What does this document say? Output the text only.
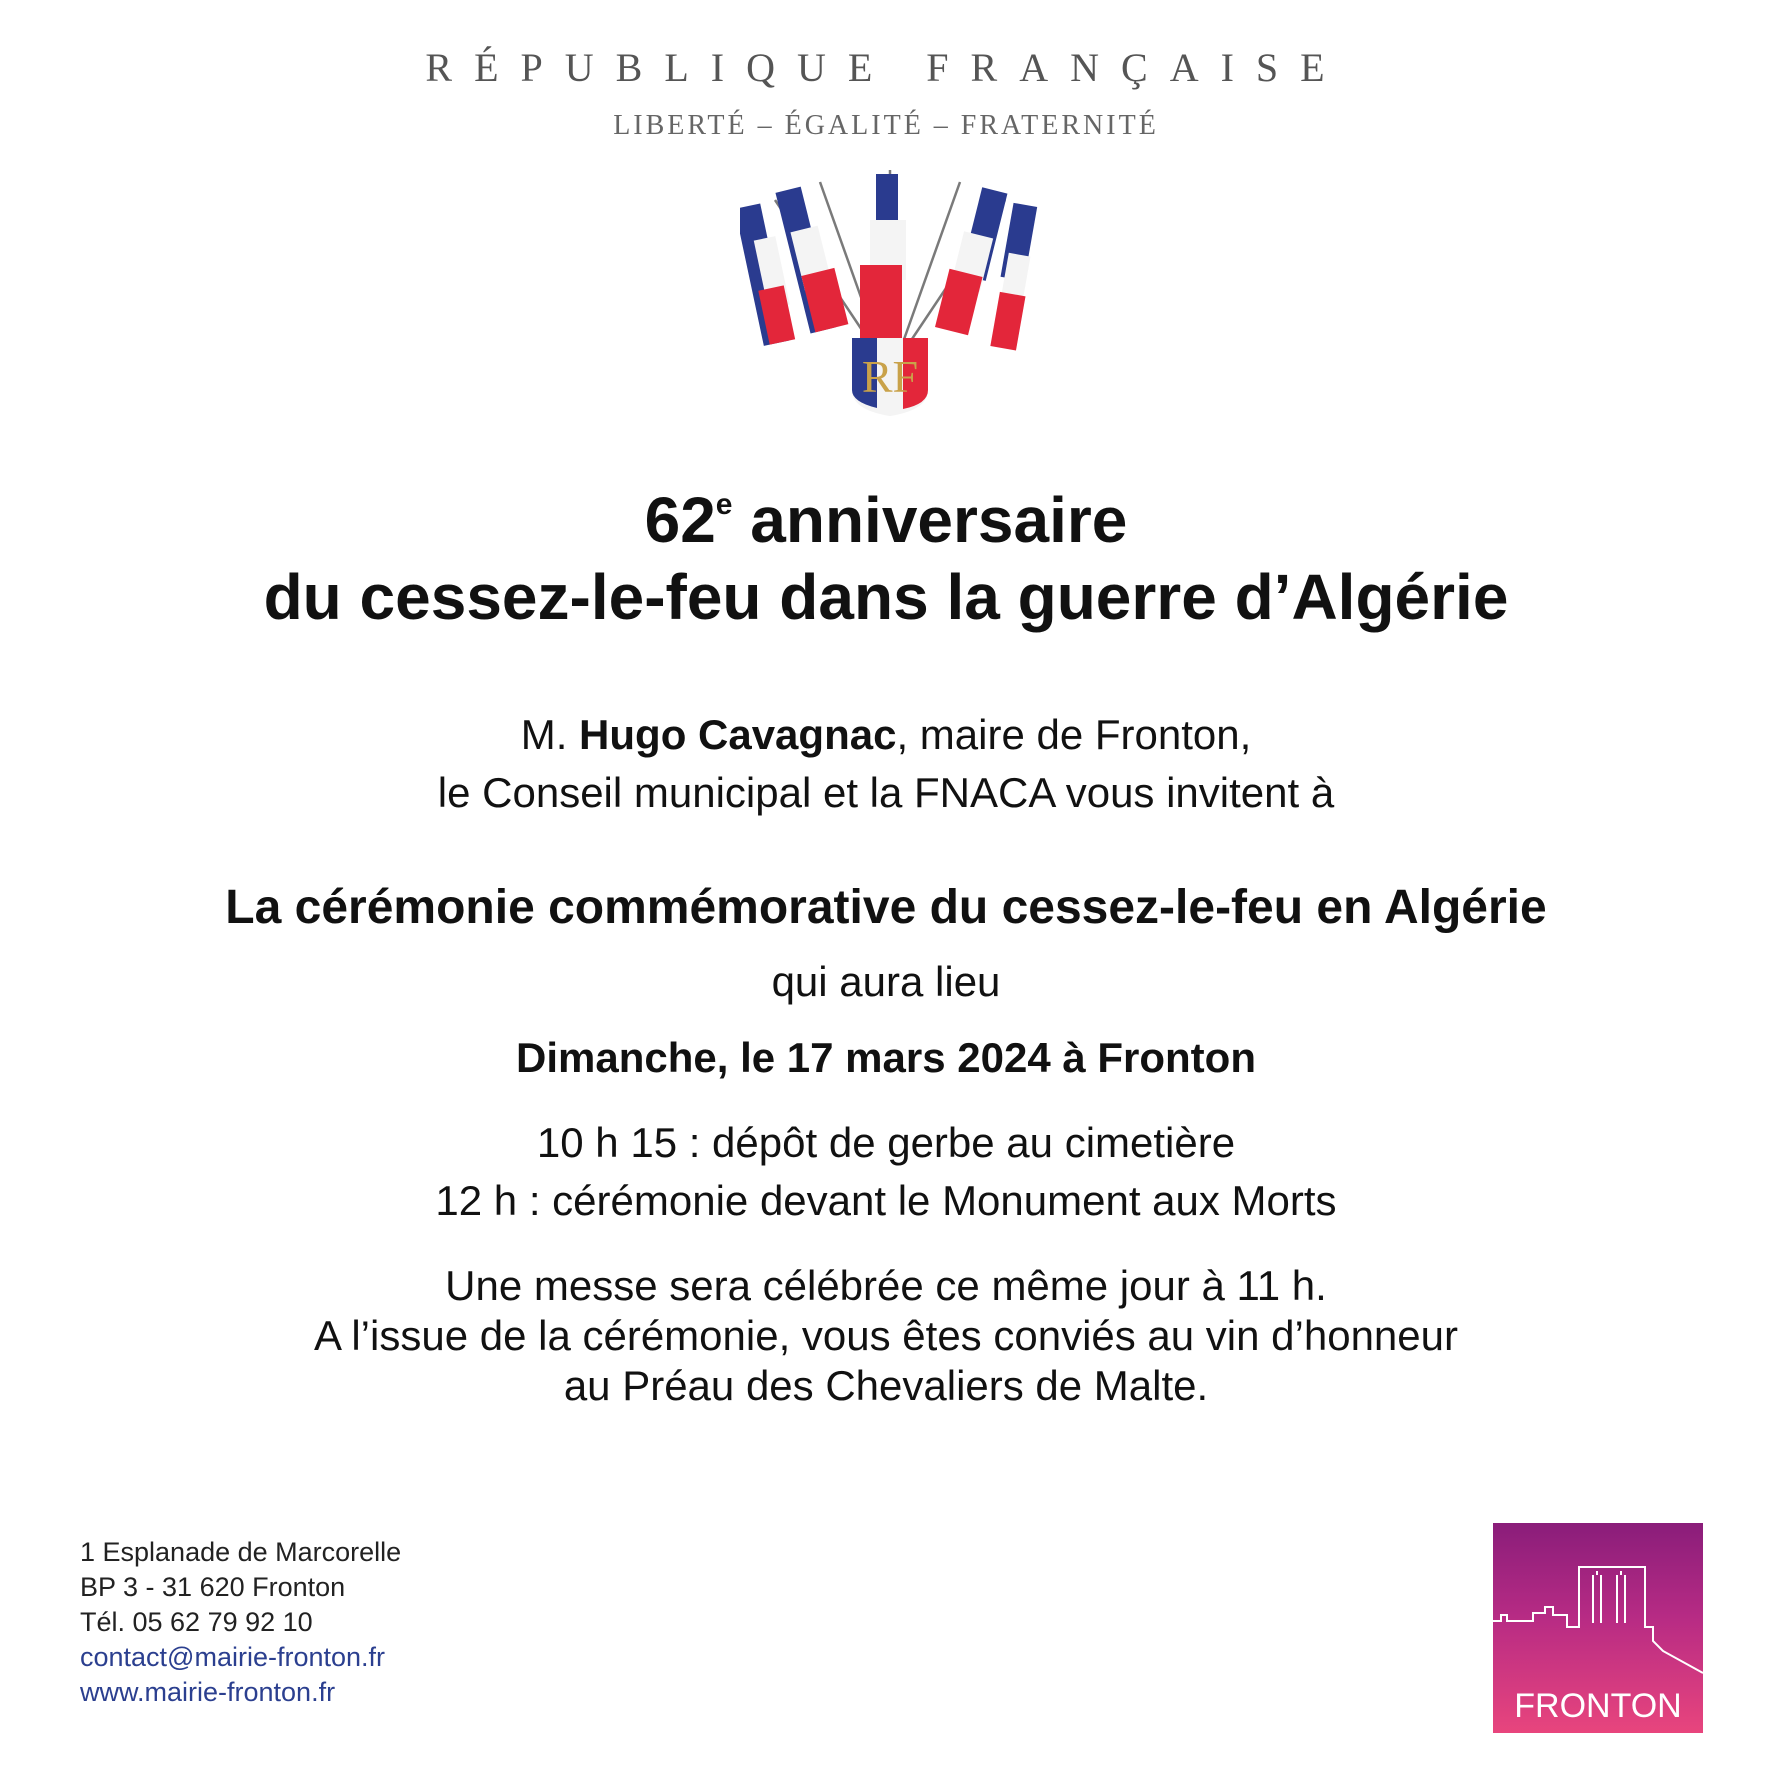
RÉPUBLIQUE FRANÇAISE
LIBERTÉ – ÉGALITÉ – FRATERNITÉ
RF
62e anniversaire
du cessez-le-feu dans la guerre d’Algérie
M. Hugo Cavagnac, maire de Fronton,
le Conseil municipal et la FNACA vous invitent à
La cérémonie commémorative du cessez-le-feu en Algérie
qui aura lieu
Dimanche, le 17 mars 2024 à Fronton
10 h 15 : dépôt de gerbe au cimetière
12 h : cérémonie devant le Monument aux Morts
Une messe sera célébrée ce même jour à 11 h.
A l’issue de la cérémonie, vous êtes conviés au vin d’honneur
au Préau des Chevaliers de Malte.
1 Esplanade de Marcorelle
BP 3 - 31 620 Fronton
Tél. 05 62 79 92 10
contact@mairie-fronton.fr
www.mairie-fronton.fr	FRONTON
